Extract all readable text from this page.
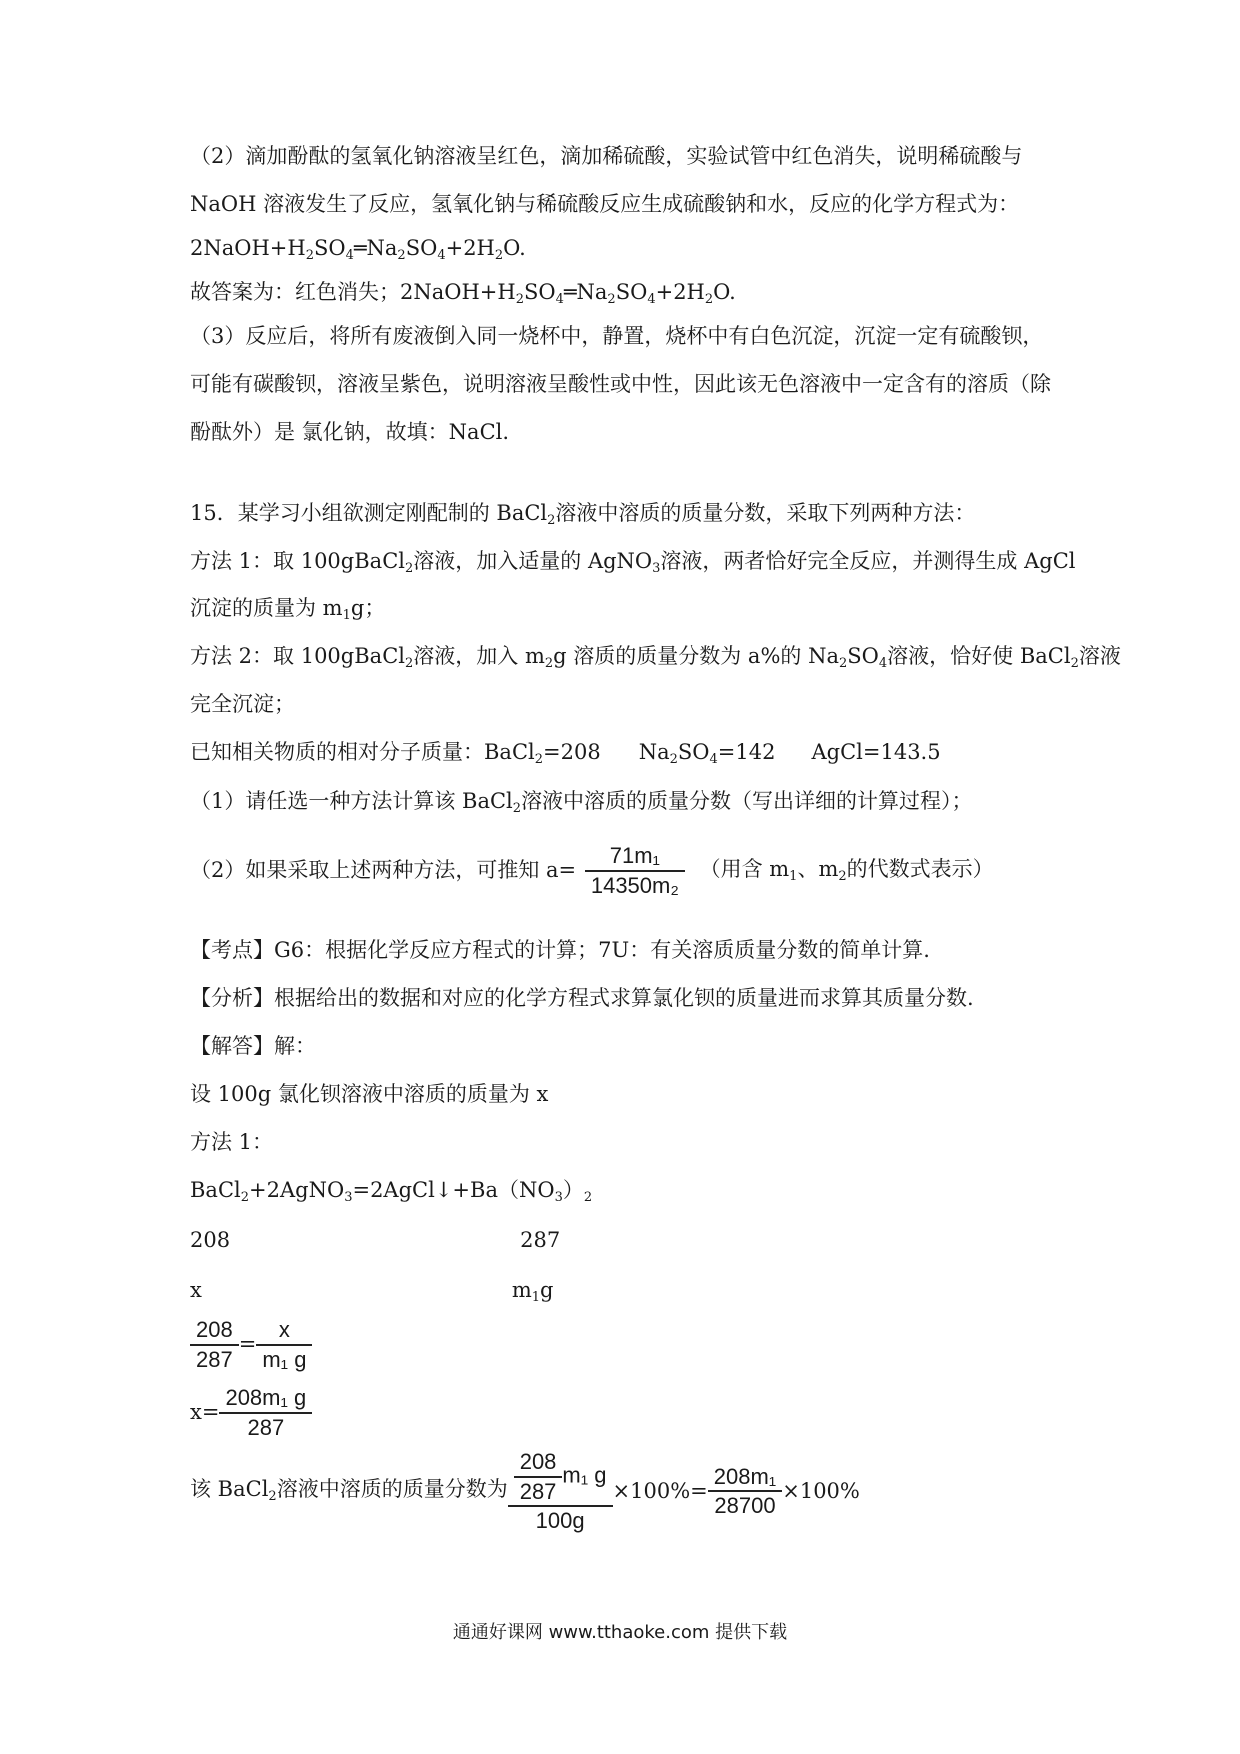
（2）滴加酚酞的氢氧化钠溶液呈红色，滴加稀硫酸，实验试管中红色消失，说明稀硫酸与
NaOH 溶液发生了反应，氢氧化钠与稀硫酸反应生成硫酸钠和水，反应的化学方程式为：
$2NaOH+H_2SO_4═Na_2SO_4+2H_2O$.
故答案为：红色消失；$2NaOH+H_2SO_4═Na_2SO_4+2H_2O$.
（3）反应后，将所有废液倒入同一烧杯中，静置，烧杯中有白色沉淀，沉淀一定有硫酸钡，
可能有碳酸钡，溶液呈紫色，说明溶液呈酸性或中性，因此该无色溶液中一定含有的溶质（除
酚酞外）是 氯化钠，故填：NaCl.
15．某学习小组欲测定刚配制的 BaCl$_2$溶液中溶质的质量分数，采取下列两种方法：
方法 1：取 100gBaCl$_2$溶液，加入适量的 AgNO$_3$溶液，两者恰好完全反应，并测得生成 AgCl
沉淀的质量为 $m_1g$；
方法 2：取 100gBaCl$_2$溶液，加入 $m_2g$ 溶质的质量分数为 a%的 $Na_2SO_4$溶液，恰好使 BaCl$_2$溶液
完全沉淀；
已知相关物质的相对分子质量：BaCl$_2$=208 $Na_2SO_4=142$ AgCl=143.5
（1）请任选一种方法计算该 BaCl$_2$溶液中溶质的质量分数（写出详细的计算过程）；
（2）如果采取上述两种方法，可推知 $a= \frac{\text{71m₁}}{\text{14350m₂}}$ （用含 $m_1$、$m_2$的代数式表示）
【考点】G6：根据化学反应方程式的计算；7U：有关溶质质量分数的简单计算.
【分析】根据给出的数据和对应的化学方程式求算氯化钡的质量进而求算其质量分数.
【解答】解：
设 100g 氯化钡溶液中溶质的质量为 x
方法 1：
$BaCl_2+2AgNO_3=2AgCl↓+Ba(NO_3)_2$
208	287
x	$m_1g$
$\frac{208}{287} = \frac{x}{\text{m₁ g}}$
$x= \frac{\text{208m₁ g}}{287}$
该 BaCl$_2$溶液中溶质的质量分数为 $\frac{\frac{208}{287} m_1 g}{100g} \times 100\%= \frac{\text{208m₁}}{28700} \times 100\%$
通通好课网 www.tthaoke.com 提供下载
